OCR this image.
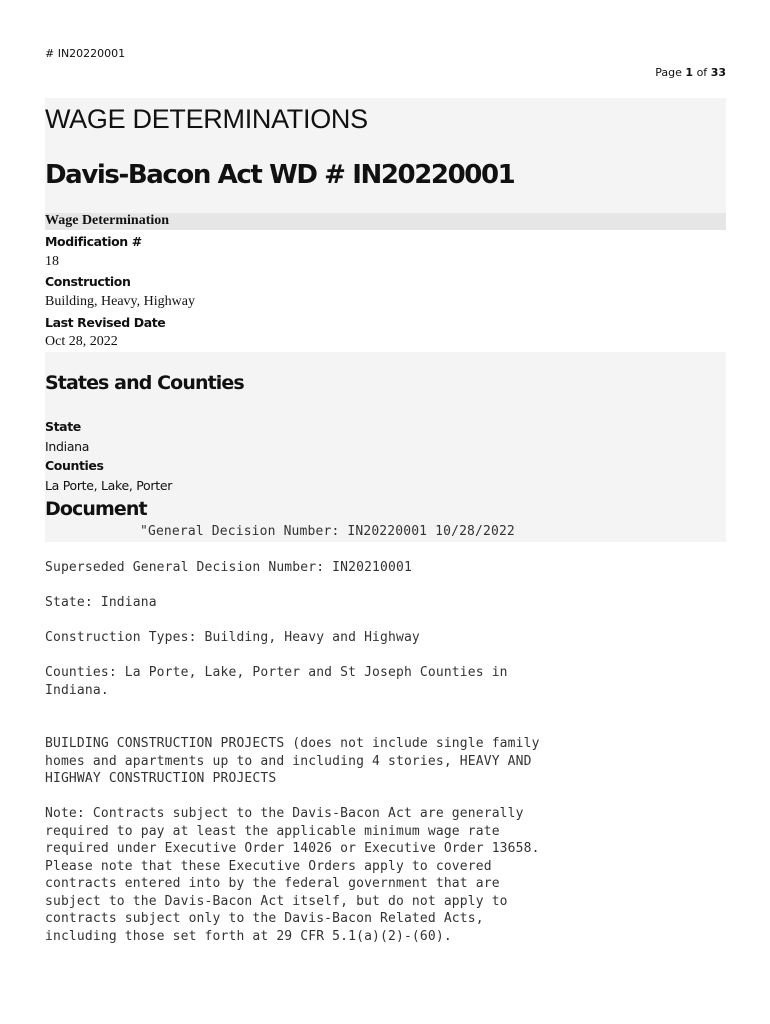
# IN20220001
Page 1 of 33
WAGE DETERMINATIONS
Davis-Bacon Act WD # IN20220001
Wage Determination
Modification #
18
Construction
Building, Heavy, Highway
Last Revised Date
Oct 28, 2022
States and Counties
State
Indiana
Counties
La Porte, Lake, Porter
Document
"General Decision Number: IN20220001 10/28/2022
Superseded General Decision Number: IN20210001
State: Indiana
Construction Types: Building, Heavy and Highway
Counties: La Porte, Lake, Porter and St Joseph Counties in
Indiana.
BUILDING CONSTRUCTION PROJECTS (does not include single family
homes and apartments up to and including 4 stories, HEAVY AND
HIGHWAY CONSTRUCTION PROJECTS
Note: Contracts subject to the Davis-Bacon Act are generally
required to pay at least the applicable minimum wage rate
required under Executive Order 14026 or Executive Order 13658.
Please note that these Executive Orders apply to covered
contracts entered into by the federal government that are
subject to the Davis-Bacon Act itself, but do not apply to
contracts subject only to the Davis-Bacon Related Acts,
including those set forth at 29 CFR 5.1(a)(2)-(60).
